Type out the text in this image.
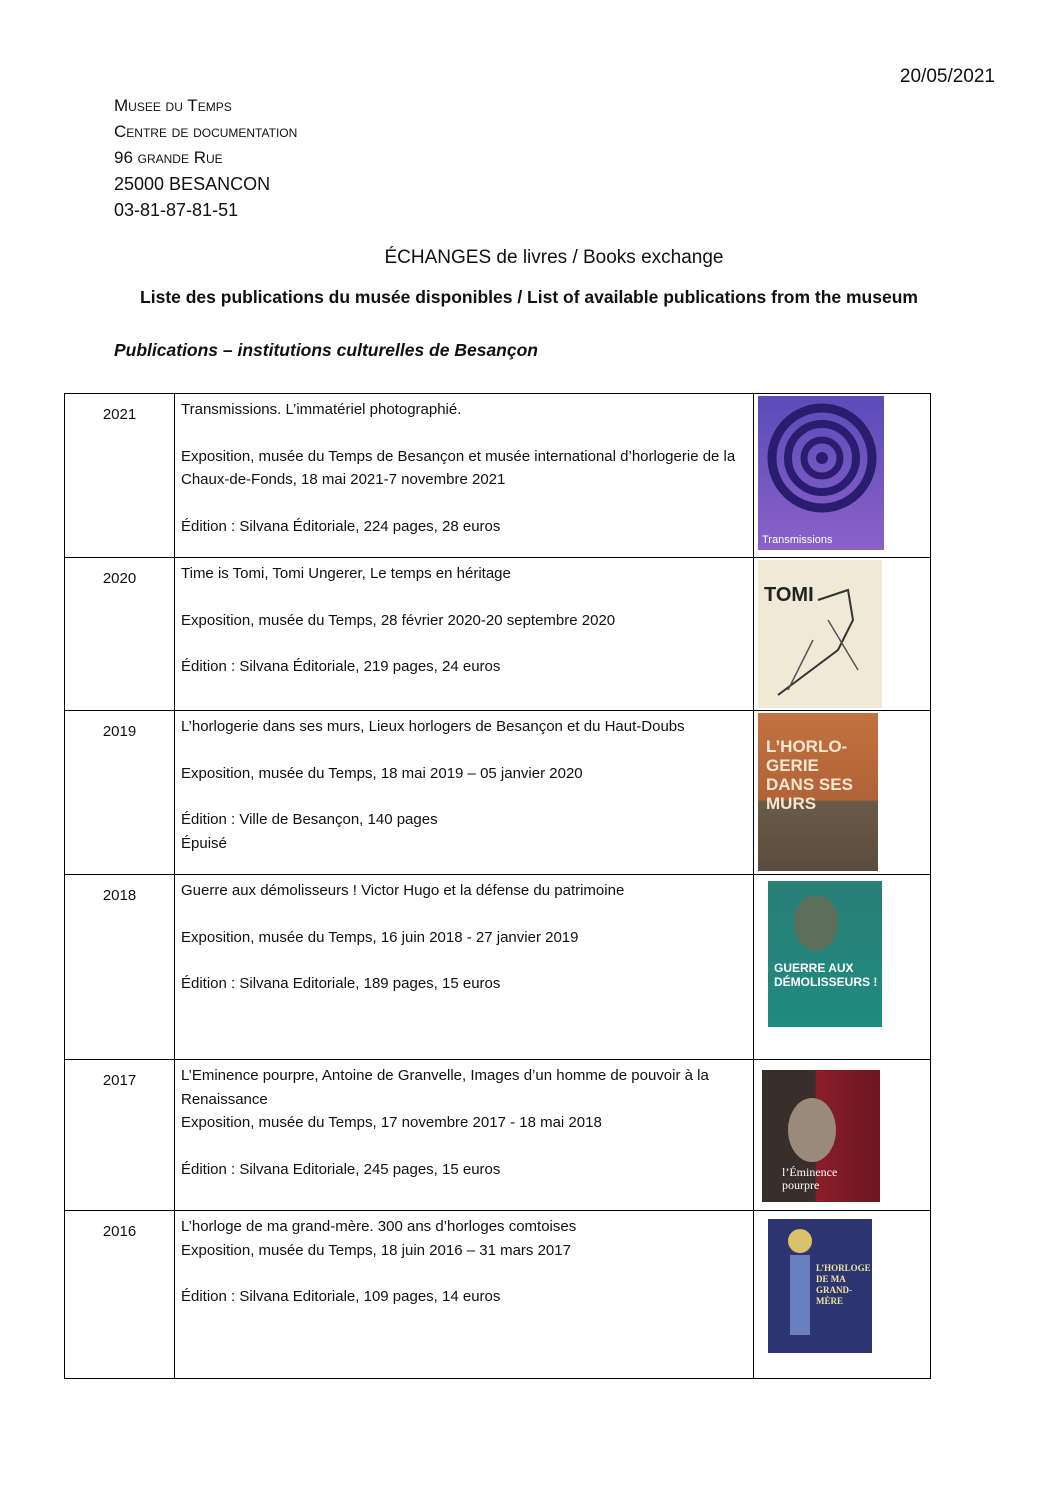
20/05/2021
Musee du Temps
Centre de documentation
96 grande Rue
25000 BESANCON
03-81-87-81-51
ÉCHANGES de livres / Books exchange
Liste des publications du musée disponibles / List of available publications from the museum
Publications – institutions culturelles de Besançon
2021	Transmissions. L’immatériel photographié.
Exposition, musée du Temps de Besançon et musée international d’horlogerie de la Chaux-de-Fonds, 18 mai 2021-7 novembre 2021
Édition : Silvana Éditoriale, 224 pages, 28 euros	Transmissions

2020	Time is Tomi, Tomi Ungerer, Le temps en héritage
Exposition, musée du Temps, 28 février 2020-20 septembre 2020
Édition : Silvana Éditoriale, 219 pages, 24 euros	TOMI

2019	L’horlogerie dans ses murs, Lieux horlogers de Besançon et du Haut-Doubs
Exposition, musée du Temps, 18 mai 2019 – 05 janvier 2020
Édition : Ville de Besançon, 140 pages
Épuisé	L’HORLO- GERIE DANS SES MURS

2018	Guerre aux démolisseurs ! Victor Hugo et la défense du patrimoine
Exposition, musée du Temps, 16 juin 2018 - 27 janvier 2019
Édition : Silvana Editoriale, 189 pages, 15 euros	GUERRE AUX DÉMOLISSEURS !

2017	L’Eminence pourpre, Antoine de Granvelle, Images d’un homme de pouvoir à la Renaissance
Exposition, musée du Temps, 17 novembre 2017 - 18 mai 2018
Édition : Silvana Editoriale, 245 pages, 15 euros	l’Éminence pourpre

2016	L’horloge de ma grand-mère. 300 ans d’horloges comtoises
Exposition, musée du Temps, 18 juin 2016 – 31 mars 2017
Édition : Silvana Editoriale, 109 pages, 14 euros	L’HORLOGE DE MA GRAND-MÈRE
